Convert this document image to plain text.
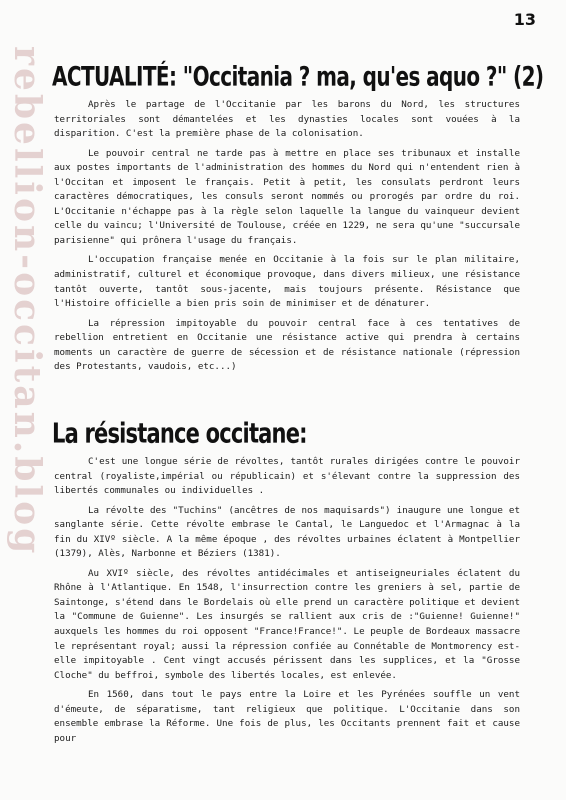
13
rebellion-occitan.blog ACTUALITÉ: "Occitania ? ma, qu'es aquo ?" (2)

Après le partage de l'Occitanie par les barons du Nord, les structures territoriales sont démantelées et les dynasties locales sont vouées à la disparition. C'est la première phase de la colonisation.

Le pouvoir central ne tarde pas à mettre en place ses tribunaux et installe aux postes importants de l'administration des hommes du Nord qui n'entendent rien à l'Occitan et imposent le français. Petit à petit, les consulats perdront leurs caractères démocratiques, les consuls seront nommés ou prorogés par ordre du roi. L'Occitanie n'échappe pas à la règle selon laquelle la langue du vainqueur devient celle du vaincu; l'Université de Toulouse, créée en 1229, ne sera qu'une "succursale parisienne" qui prônera l'usage du français.

L'occupation française menée en Occitanie à la fois sur le plan militaire, administratif, culturel et économique provoque, dans divers milieux, une résistance tantôt ouverte, tantôt sous-jacente, mais toujours présente. Résistance que l'Histoire officielle a bien pris soin de minimiser et de dénaturer.

La répression impitoyable du pouvoir central face à ces tentatives de rebellion entretient en Occitanie une résistance active qui prendra à certains moments un caractère de guerre de sécession et de résistance nationale (répression des Protestants, vaudois, etc...)

La résistance occitane:

C'est une longue série de révoltes, tantôt rurales dirigées contre le pouvoir central (royaliste,impérial ou républicain) et s'élevant contre la suppression des libertés communales ou individuelles .

La révolte des "Tuchins" (ancêtres de nos maquisards") inaugure une longue et sanglante série. Cette révolte embrase le Cantal, le Languedoc et l'Armagnac à la fin du XIVº siècle. A la même époque , des révoltes urbaines éclatent à Montpellier (1379), Alès, Narbonne et Béziers (1381).

Au XVIº siècle, des révoltes antidécimales et antiseigneuriales éclatent du Rhône à l'Atlantique. En 1548, l'insurrection contre les greniers à sel, partie de Saintonge, s'étend dans le Bordelais où elle prend un caractère politique et devient la "Commune de Guienne". Les insurgés se rallient aux cris de :"Guienne! Guienne!" auxquels les hommes du roi opposent "France!France!". Le peuple de Bordeaux massacre le représentant royal; aussi la répression confiée au Connétable de Montmorency est-elle impitoyable . Cent vingt accusés périssent dans les supplices, et la "Grosse Cloche" du beffroi, symbole des libertés locales, est enlevée.

En 1560, dans tout le pays entre la Loire et les Pyrénées souffle un vent d'émeute, de séparatisme, tant religieux que politique. L'Occitanie dans son ensemble embrase la Réforme. Une fois de plus, les Occitants prennent fait et cause pour
